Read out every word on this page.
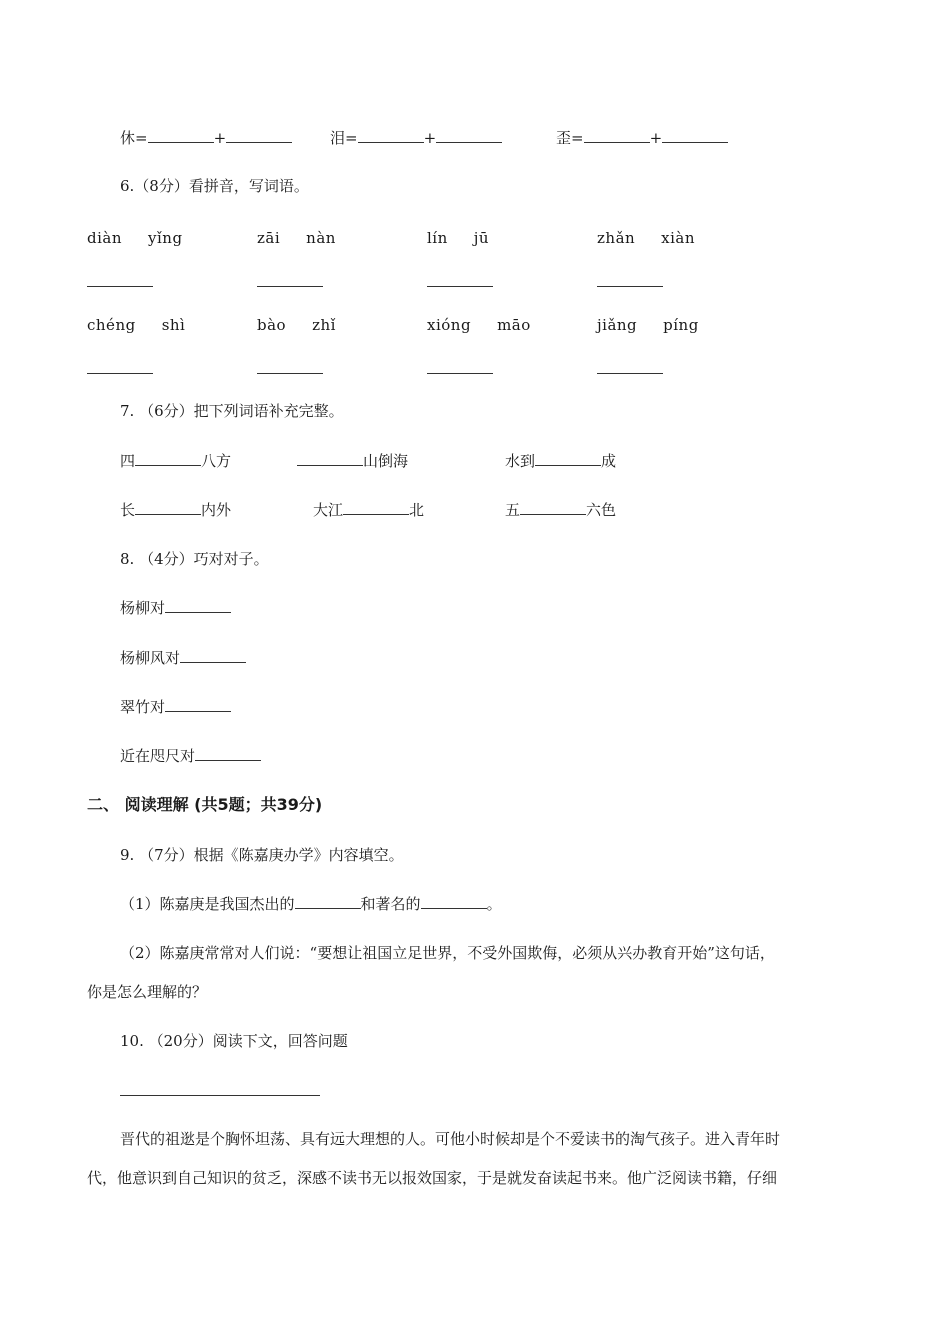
休=	+	泪=	+	歪=	+
6.（8分）看拼音，写词语。
diàn yǐng	zāi nàn	lín jū	zhǎn xiàn
chéng shì	bào zhǐ	xióng māo	jiǎng píng
7. （6分）把下列词语补充完整。
四	八方	山倒海	水到	成
长	内外	大江	北	五	六色
8. （4分）巧对对子。
杨柳对
杨柳风对
翠竹对
近在咫尺对
二、 阅读理解 (共5题；共39分)
9. （7分）根据《陈嘉庚办学》内容填空。
（1）陈嘉庚是我国杰出的	和著名的	。
（2）陈嘉庚常常对人们说：“要想让祖国立足世界，不受外国欺侮，必须从兴办教育开始”这句话，
你是怎么理解的？
10. （20分）阅读下文，回答问题
晋代的祖逖是个胸怀坦荡、具有远大理想的人。可他小时候却是个不爱读书的淘气孩子。进入青年时
代，他意识到自己知识的贫乏，深感不读书无以报效国家，于是就发奋读起书来。他广泛阅读书籍，仔细
